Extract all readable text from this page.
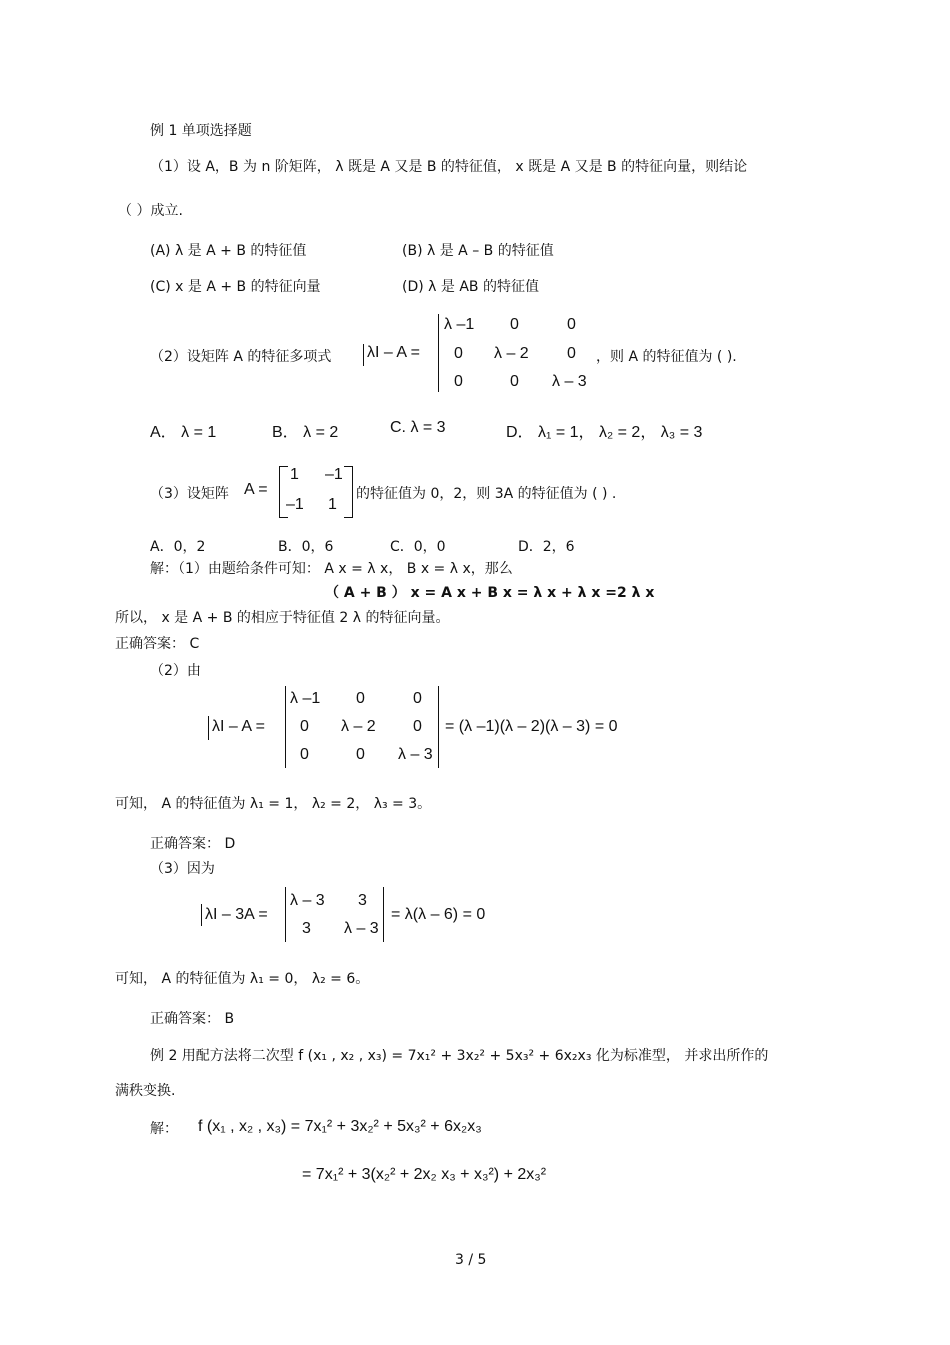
例 1 单项选择题
（1）设 A，B 为 n 阶矩阵， λ 既是 A 又是 B 的特征值， x 既是 A 又是 B 的特征向量，则结论
（ ）成立.
(A) λ 是 A + B 的特征值	(B) λ 是 A – B 的特征值
(C) x 是 A + B 的特征向量	(D) λ 是 AB 的特征值
（2）设矩阵 A 的特征多项式 λI – A =
λ –1 0	0
0 λ – 2 0
0	0 λ – 3
，则 A 的特征值为 ( ).
A． λ = 1	B． λ = 2	C. λ = 3	D． λ₁ = 1， λ₂ = 2， λ₃ = 3
（3）设矩阵 A =
1 –1
–1 1
的特征值为 0，2，则 3A 的特征值为 ( ) .
A．0，2	B．0，6	C．0，0	D．2，6
解：（1）由题给条件可知： A x = λ x， B x = λ x，那么
（ A + B ） x = A x + B x = λ x + λ x =2 λ x
所以， x 是 A + B 的相应于特征值 2 λ 的特征向量。
正确答案： C
（2）由
λI – A =
λ –1 0	0
0 λ – 2 0
0	0 λ – 3
= (λ –1)(λ – 2)(λ – 3) = 0
可知， A 的特征值为 λ₁ = 1， λ₂ = 2， λ₃ = 3。
正确答案： D
（3）因为
λI – 3A =
λ – 3 3
3 λ – 3
= λ(λ – 6) = 0
可知， A 的特征值为 λ₁ = 0， λ₂ = 6。
正确答案： B
例 2 用配方法将二次型 f (x₁ , x₂ , x₃) = 7x₁² + 3x₂² + 5x₃² + 6x₂x₃ 化为标准型， 并求出所作的
满秩变换.
解： f (x₁ , x₂ , x₃) = 7x₁² + 3x₂² + 5x₃² + 6x₂x₃
= 7x₁² + 3(x₂² + 2x₂ x₃ + x₃²) + 2x₃²
3 / 5
